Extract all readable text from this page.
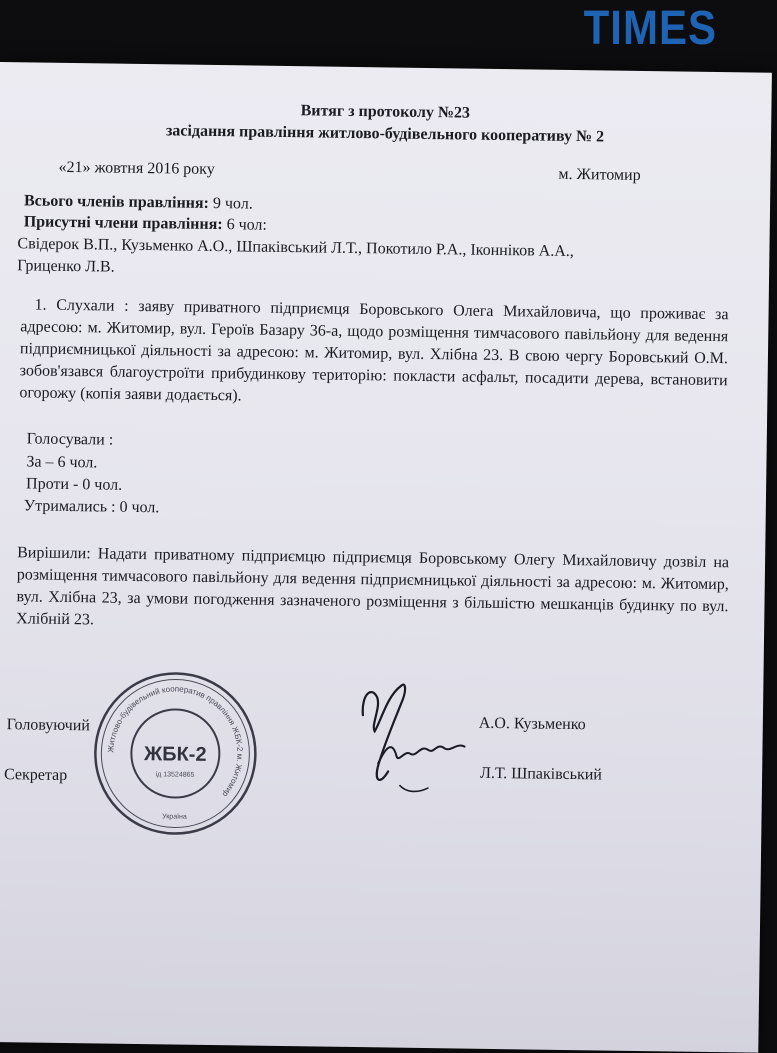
TIMES
Витяг з протоколу №23
засідання правління житлово-будівельного кооперативу № 2
«21» жовтня 2016 року	м. Житомир
Всього членів правління: 9 чол.
Присутні члени правління: 6 чол:
Свідерок В.П., Кузьменко А.О., Шпаківський Л.Т., Покотило Р.А., Іконніков А.А.,
Гриценко Л.В.
1. Слухали : заяву приватного підприємця Боровського Олега Михайловича, що проживає за адресою: м. Житомир, вул. Героїв Базару 36-а, щодо розміщення тимчасового павільйону для ведення підприємницької діяльності за адресою: м. Житомир, вул. Хлібна 23. В свою чергу Боровський О.М. зобов'язався благоустроїти прибудинкову територію: покласти асфальт, посадити дерева, встановити огорожу (копія заяви додається).
Голосували :
За – 6 чол.
Проти - 0 чол.
Утримались : 0 чол.
Вирішили: Надати приватному підприємцю підприємця Боровському Олегу Михайловичу дозвіл на розміщення тимчасового павільйону для ведення підприємницької діяльності за адресою: м. Житомир, вул. Хлібна 23, за умови погодження зазначеного розміщення з більшістю мешканців будинку по вул. Хлібній 23.
Головуючий
Секретар
А.О. Кузьменко
Л.Т. Шпаківський
Житлово-будівельний кооператив правління ЖБК-2 м. Житомир
ЖБК-2
ід 13524865
Україна
